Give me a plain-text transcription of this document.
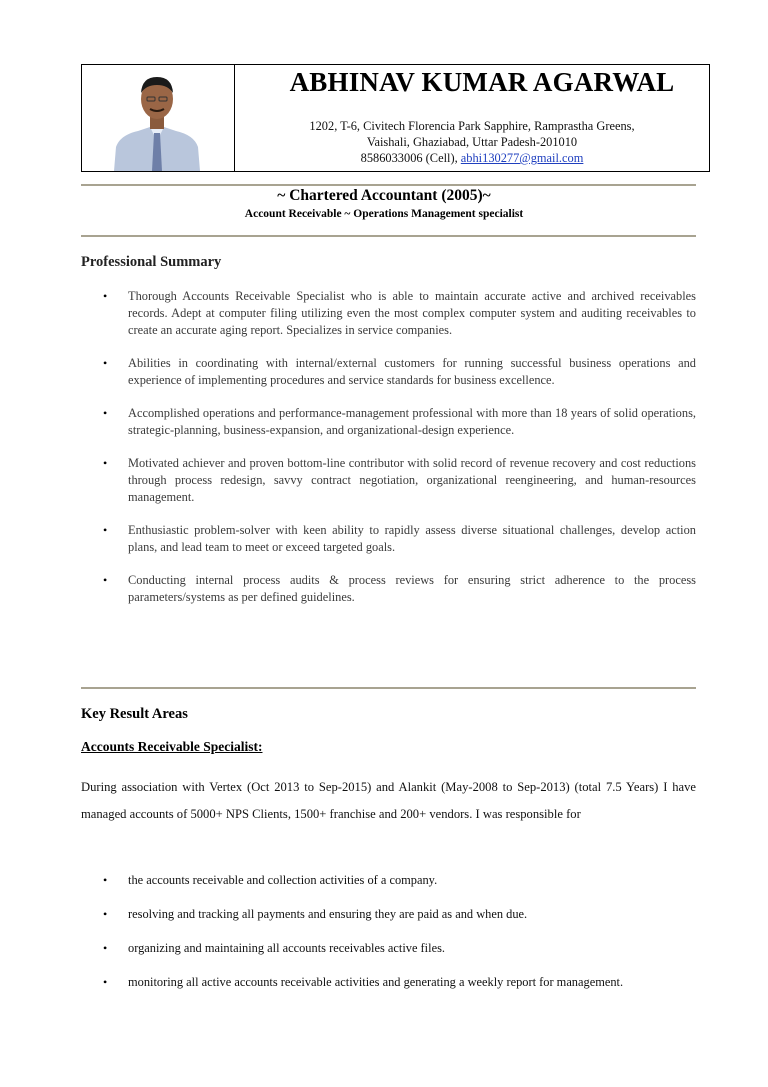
ABHINAV KUMAR AGARWAL
1202, T-6, Civitech Florencia Park Sapphire, Ramprastha Greens,
Vaishali, Ghaziabad, Uttar Padesh-201010
8586033006 (Cell), abhi130277@gmail.com
~ Chartered Accountant (2005)~
Account Receivable ~ Operations Management specialist
Professional Summary
• Thorough Accounts Receivable Specialist who is able to maintain accurate active and archived receivables records. Adept at computer filing utilizing even the most complex computer system and auditing receivables to create an accurate aging report. Specializes in service companies.
• Abilities in coordinating with internal/external customers for running successful business operations and experience of implementing procedures and service standards for business excellence.
• Accomplished operations and performance-management professional with more than 18 years of solid operations, strategic-planning, business-expansion, and organizational-design experience.
• Motivated achiever and proven bottom-line contributor with solid record of revenue recovery and cost reductions through process redesign, savvy contract negotiation, organizational reengineering, and human-resources management.
• Enthusiastic problem-solver with keen ability to rapidly assess diverse situational challenges, develop action plans, and lead team to meet or exceed targeted goals.
• Conducting internal process audits & process reviews for ensuring strict adherence to the process parameters/systems as per defined guidelines.
Key Result Areas
Accounts Receivable Specialist:
During association with Vertex (Oct 2013 to Sep-2015) and Alankit (May-2008 to Sep-2013) (total 7.5 Years) I have managed accounts of 5000+ NPS Clients, 1500+ franchise and 200+ vendors. I was responsible for
• the accounts receivable and collection activities of a company.
• resolving and tracking all payments and ensuring they are paid as and when due.
• organizing and maintaining all accounts receivables active files.
• monitoring all active accounts receivable activities and generating a weekly report for management.
